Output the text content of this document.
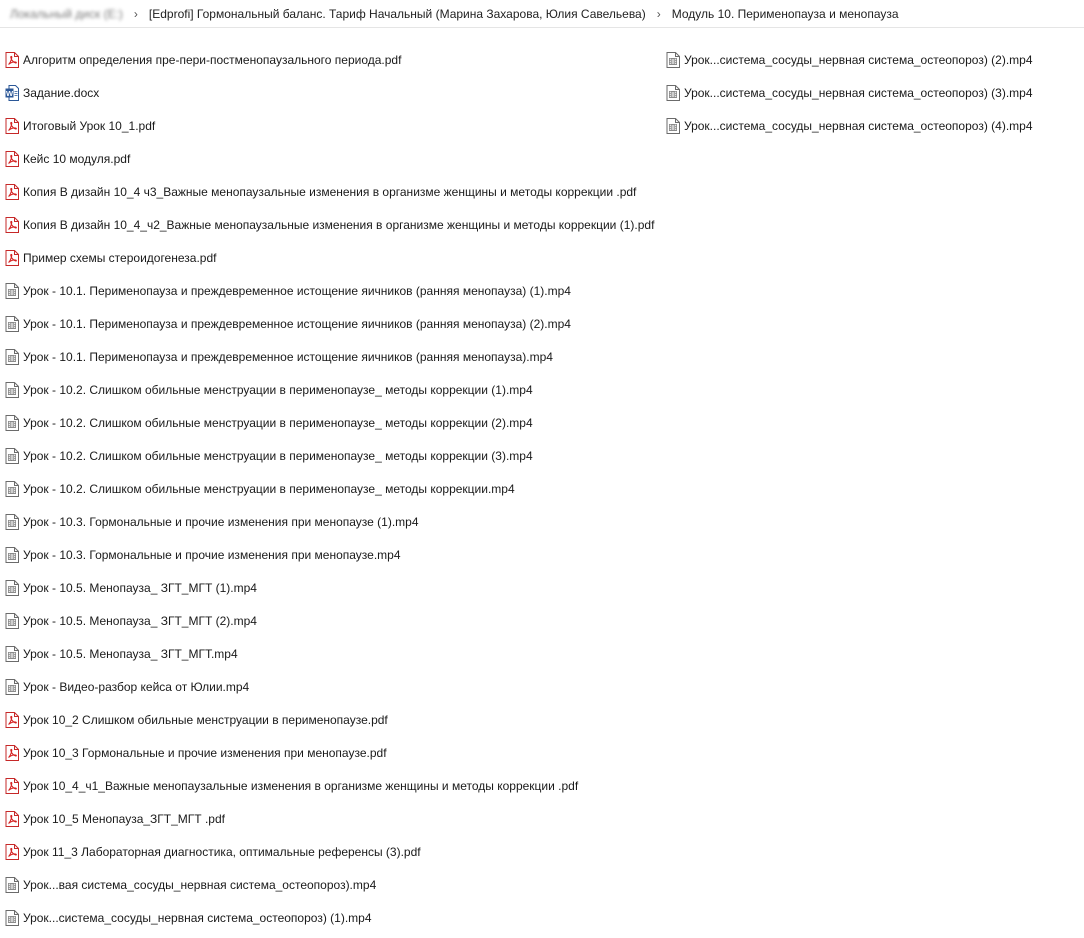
Локальный диск (E:) › [Edprofi] Гормональный баланс. Тариф Начальный (Марина Захарова, Юлия Савельева) › Модуль 10. Перименопауза и менопауза
Алгоритм определения пре-пери-постменопаузального периода.pdf
W Задание.docx
Итоговый Урок 10_1.pdf
Кейс 10 модуля.pdf
Копия В дизайн 10_4 ч3_Важные менопаузальные изменения в организме женщины и методы коррекции .pdf
Копия В дизайн 10_4_ч2_Важные менопаузальные изменения в организме женщины и методы коррекции (1).pdf
Пример схемы стероидогенеза.pdf
Урок - 10.1. Перименопауза и преждевременное истощение яичников (ранняя менопауза) (1).mp4
Урок - 10.1. Перименопауза и преждевременное истощение яичников (ранняя менопауза) (2).mp4
Урок - 10.1. Перименопауза и преждевременное истощение яичников (ранняя менопауза).mp4
Урок - 10.2. Слишком обильные менструации в перименопаузе_ методы коррекции (1).mp4
Урок - 10.2. Слишком обильные менструации в перименопаузе_ методы коррекции (2).mp4
Урок - 10.2. Слишком обильные менструации в перименопаузе_ методы коррекции (3).mp4
Урок - 10.2. Слишком обильные менструации в перименопаузе_ методы коррекции.mp4
Урок - 10.3. Гормональные и прочие изменения при менопаузе (1).mp4
Урок - 10.3. Гормональные и прочие изменения при менопаузе.mp4
Урок - 10.5. Менопауза_ ЗГТ_МГТ (1).mp4
Урок - 10.5. Менопауза_ ЗГТ_МГТ (2).mp4
Урок - 10.5. Менопауза_ ЗГТ_МГТ.mp4
Урок - Видео-разбор кейса от Юлии.mp4
Урок 10_2 Слишком обильные менструации в перименопаузе.pdf
Урок 10_3 Гормональные и прочие изменения при менопаузе.pdf
Урок 10_4_ч1_Важные менопаузальные изменения в организме женщины и методы коррекции .pdf
Урок 10_5 Менопауза_ЗГТ_МГТ .pdf
Урок 11_3 Лабораторная диагностика, оптимальные референсы (3).pdf
Урок...вая система_сосуды_нервная система_остеопороз).mp4
Урок...система_сосуды_нервная система_остеопороз) (1).mp4
Урок...система_сосуды_нервная система_остеопороз) (2).mp4
Урок...система_сосуды_нервная система_остеопороз) (3).mp4
Урок...система_сосуды_нервная система_остеопороз) (4).mp4
